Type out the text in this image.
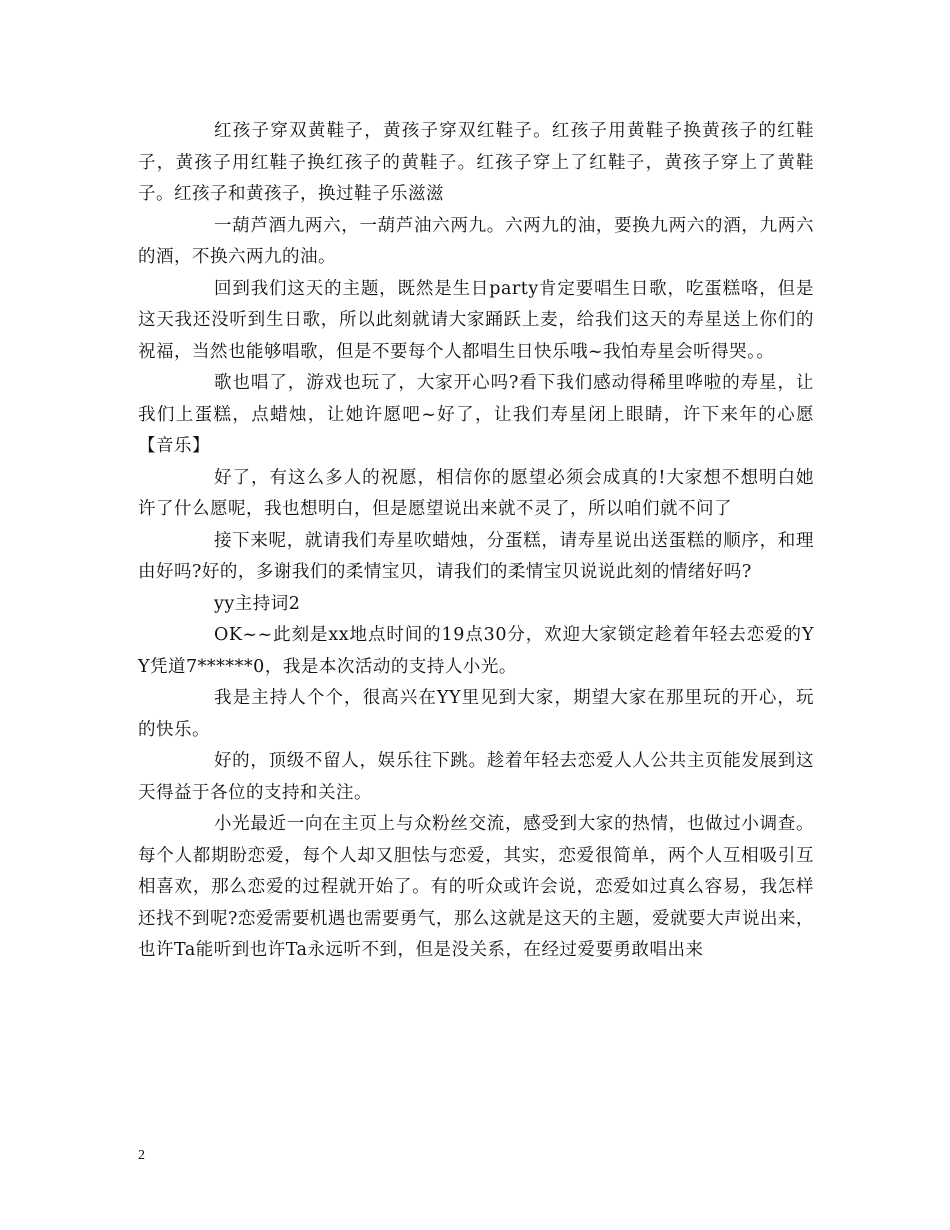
红孩子穿双黄鞋子，黄孩子穿双红鞋子。红孩子用黄鞋子换黄孩子的红鞋子，黄孩子用红鞋子换红孩子的黄鞋子。红孩子穿上了红鞋子，黄孩子穿上了黄鞋子。红孩子和黄孩子，换过鞋子乐滋滋

一葫芦酒九两六，一葫芦油六两九。六两九的油，要换九两六的酒，九两六的酒，不换六两九的油。

回到我们这天的主题，既然是生日party肯定要唱生日歌，吃蛋糕咯，但是这天我还没听到生日歌，所以此刻就请大家踊跃上麦，给我们这天的寿星送上你们的祝福，当然也能够唱歌，但是不要每个人都唱生日快乐哦~我怕寿星会听得哭。。

歌也唱了，游戏也玩了，大家开心吗?看下我们感动得稀里哗啦的寿星，让我们上蛋糕，点蜡烛，让她许愿吧~好了，让我们寿星闭上眼睛，许下来年的心愿【音乐】

好了，有这么多人的祝愿，相信你的愿望必须会成真的!大家想不想明白她许了什么愿呢，我也想明白，但是愿望说出来就不灵了，所以咱们就不问了

接下来呢，就请我们寿星吹蜡烛，分蛋糕，请寿星说出送蛋糕的顺序，和理由好吗?好的，多谢我们的柔情宝贝，请我们的柔情宝贝说说此刻的情绪好吗?

yy主持词2

OK~~此刻是xx地点时间的19点30分，欢迎大家锁定趁着年轻去恋爱的YY凭道7******0，我是本次活动的支持人小光。

我是主持人个个，很高兴在YY里见到大家，期望大家在那里玩的开心，玩的快乐。

好的，顶级不留人，娱乐往下跳。趁着年轻去恋爱人人公共主页能发展到这天得益于各位的支持和关注。

小光最近一向在主页上与众粉丝交流，感受到大家的热情，也做过小调查。每个人都期盼恋爱，每个人却又胆怯与恋爱，其实，恋爱很简单，两个人互相吸引互相喜欢，那么恋爱的过程就开始了。有的听众或许会说，恋爱如过真么容易，我怎样还找不到呢?恋爱需要机遇也需要勇气，那么这就是这天的主题，爱就要大声说出来，也许Ta能听到也许Ta永远听不到，但是没关系，在经过爱要勇敢唱出来

2
